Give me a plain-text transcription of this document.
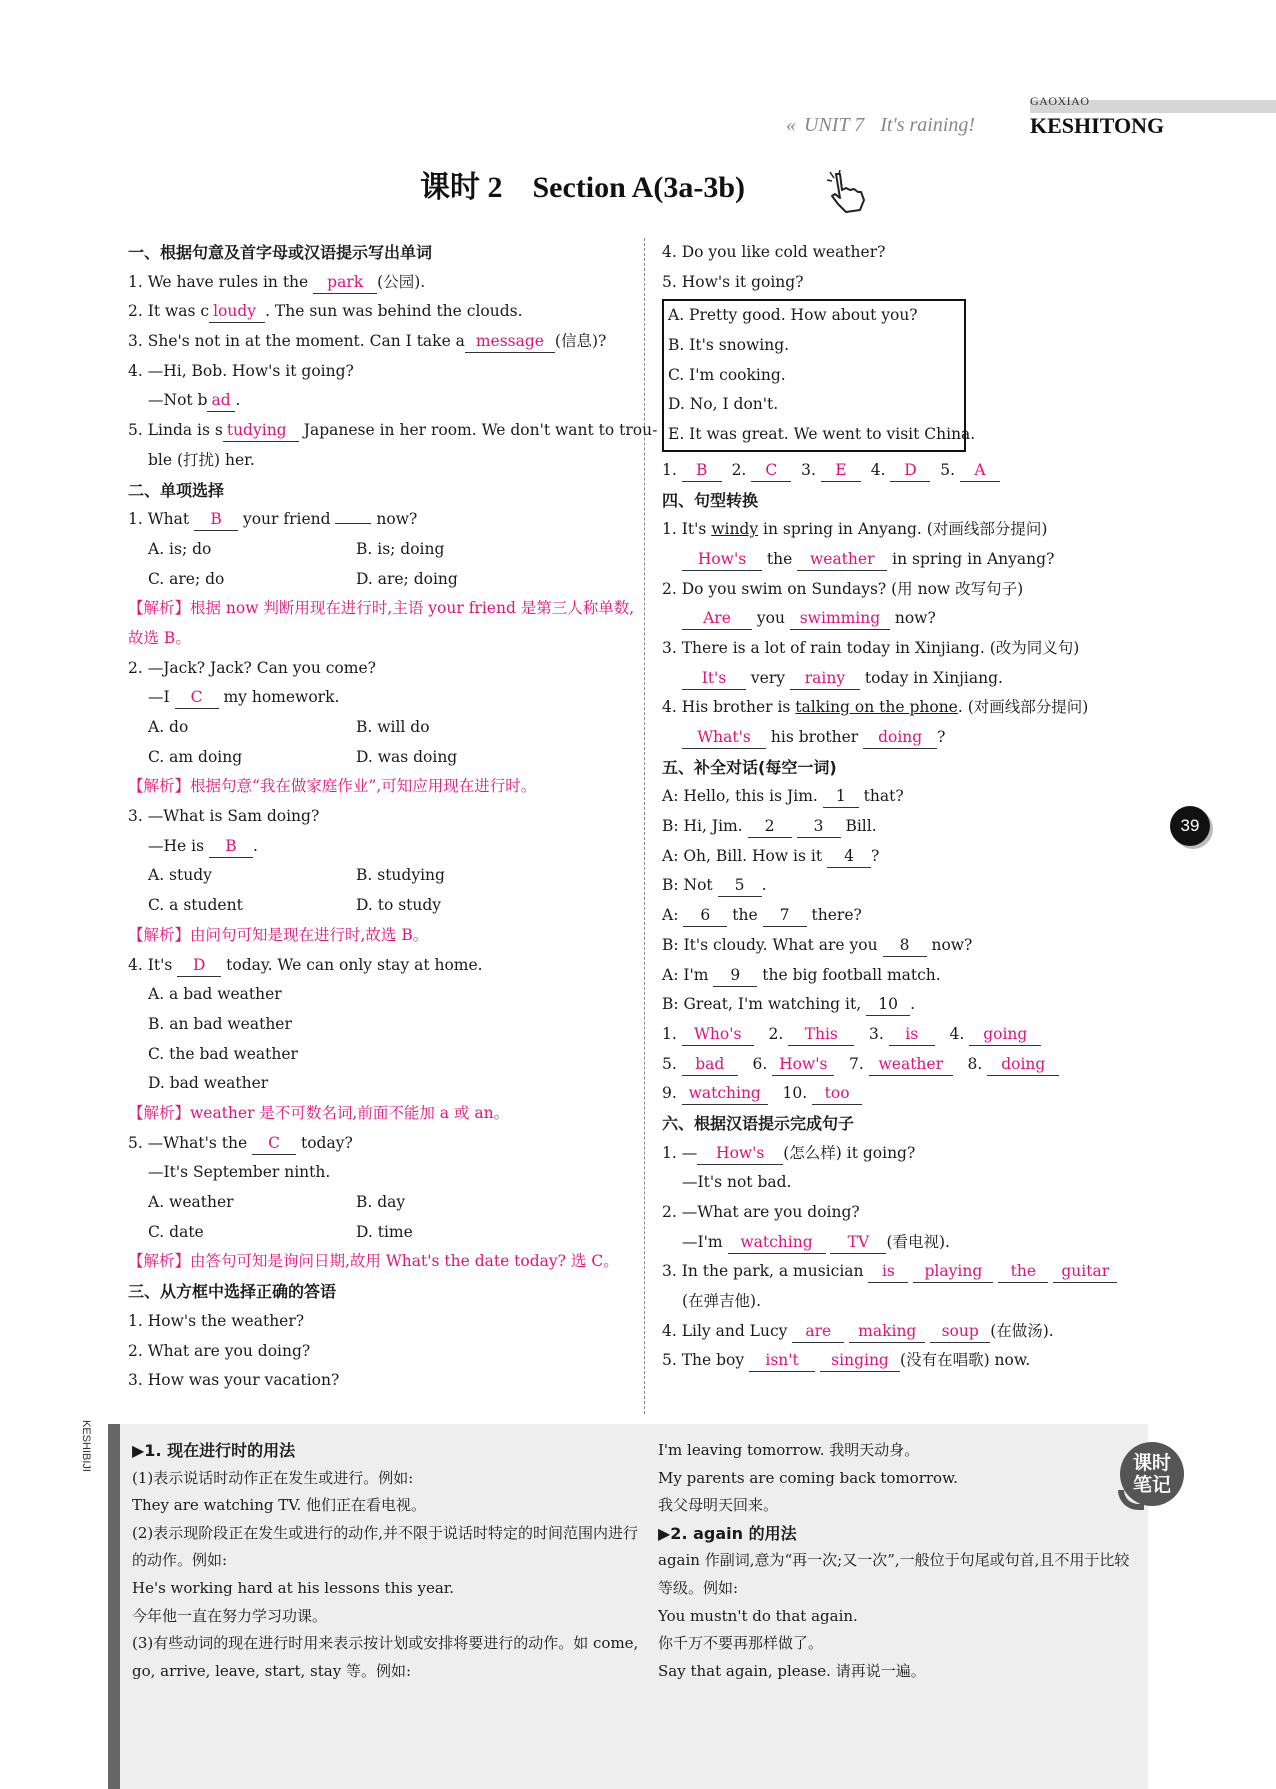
GAOXIAO
« UNIT 7 It's raining! KESHITONG
课时 2 Section A(3a-3b)
一、根据句意及首字母或汉语提示写出单词
1. We have rules in the park (公园).
2. It was c loudy . The sun was behind the clouds.
3. She's not in at the moment. Can I take a message (信息)?
4. —Hi, Bob. How's it going?
—Not b ad .
5. Linda is s tudying Japanese in her room. We don't want to trou-
ble (打扰) her.
二、单项选择
1. What B your friend  now?
A. is; do	B. is; doing
C. are; do	D. are; doing
【解析】根据 now 判断用现在进行时,主语 your friend 是第三人称单数,故选 B。
2. —Jack? Jack? Can you come?
—I C my homework.
A. do	B. will do
C. am doing	D. was doing
【解析】根据句意“我在做家庭作业”,可知应用现在进行时。
3. —What is Sam doing?
—He is B .
A. study	B. studying
C. a student	D. to study
【解析】由问句可知是现在进行时,故选 B。
4. It's D today. We can only stay at home.
A. a bad weather
B. an bad weather
C. the bad weather
D. bad weather
【解析】weather 是不可数名词,前面不能加 a 或 an。
5. —What's the C today?
—It's September ninth.
A. weather	B. day
C. date	D. time
【解析】由答句可知是询问日期,故用 What's the date today? 选 C。
三、从方框中选择正确的答语
1. How's the weather?
2. What are you doing?
3. How was your vacation?
4. Do you like cold weather?
5. How's it going?
A. Pretty good. How about you?
B. It's snowing.
C. I'm cooking.
D. No, I don't.
E. It was great. We went to visit China.
1. B  2. C  3. E  4. D  5. A
四、句型转换
1. It's windy in spring in Anyang. (对画线部分提问)
How's the weather in spring in Anyang?
2. Do you swim on Sundays? (用 now 改写句子)
Are you swimming now?
3. There is a lot of rain today in Xinjiang. (改为同义句)
It's very rainy today in Xinjiang.
4. His brother is talking on the phone. (对画线部分提问)
What's his brother doing ?
五、补全对话(每空一词)
A: Hello, this is Jim. 1 that?
B: Hi, Jim. 2	3 Bill.
A: Oh, Bill. How is it 4 ?
B: Not 5 .
A: 6 the 7 there?
B: It's cloudy. What are you 8 now?
A: I'm 9 the big football match.
B: Great, I'm watching it, 10 .
1. Who's 2. This 3. is 4. going
5. bad 6. How's 7. weather 8. doing
9. watching 10. too
六、根据汉语提示完成句子
1. — How's (怎么样) it going?
—It's not bad.
2. —What are you doing?
—I'm watching TV (看电视).
3. In the park, a musician is playing the guitar
(在弹吉他).
4. Lily and Lucy are making soup (在做汤).
5. The boy isn't singing (没有在唱歌) now.
39
KESHIBIJI	▶1. 现在进行时的用法
(1)表示说话时动作正在发生或进行。例如:
They are watching TV. 他们正在看电视。
(2)表示现阶段正在发生或进行的动作,并不限于说话时特定的时间范围内进行的动作。例如:
He's working hard at his lessons this year.
今年他一直在努力学习功课。
(3)有些动词的现在进行时用来表示按计划或安排将要进行的动作。如 come, go, arrive, leave, start, stay 等。例如:
I'm leaving tomorrow. 我明天动身。
My parents are coming back tomorrow.
我父母明天回来。
▶2. again 的用法
again 作副词,意为“再一次;又一次”,一般位于句尾或句首,且不用于比较等级。例如:
You mustn't do that again.
你千万不要再那样做了。
Say that again, please. 请再说一遍。
课时
笔记
